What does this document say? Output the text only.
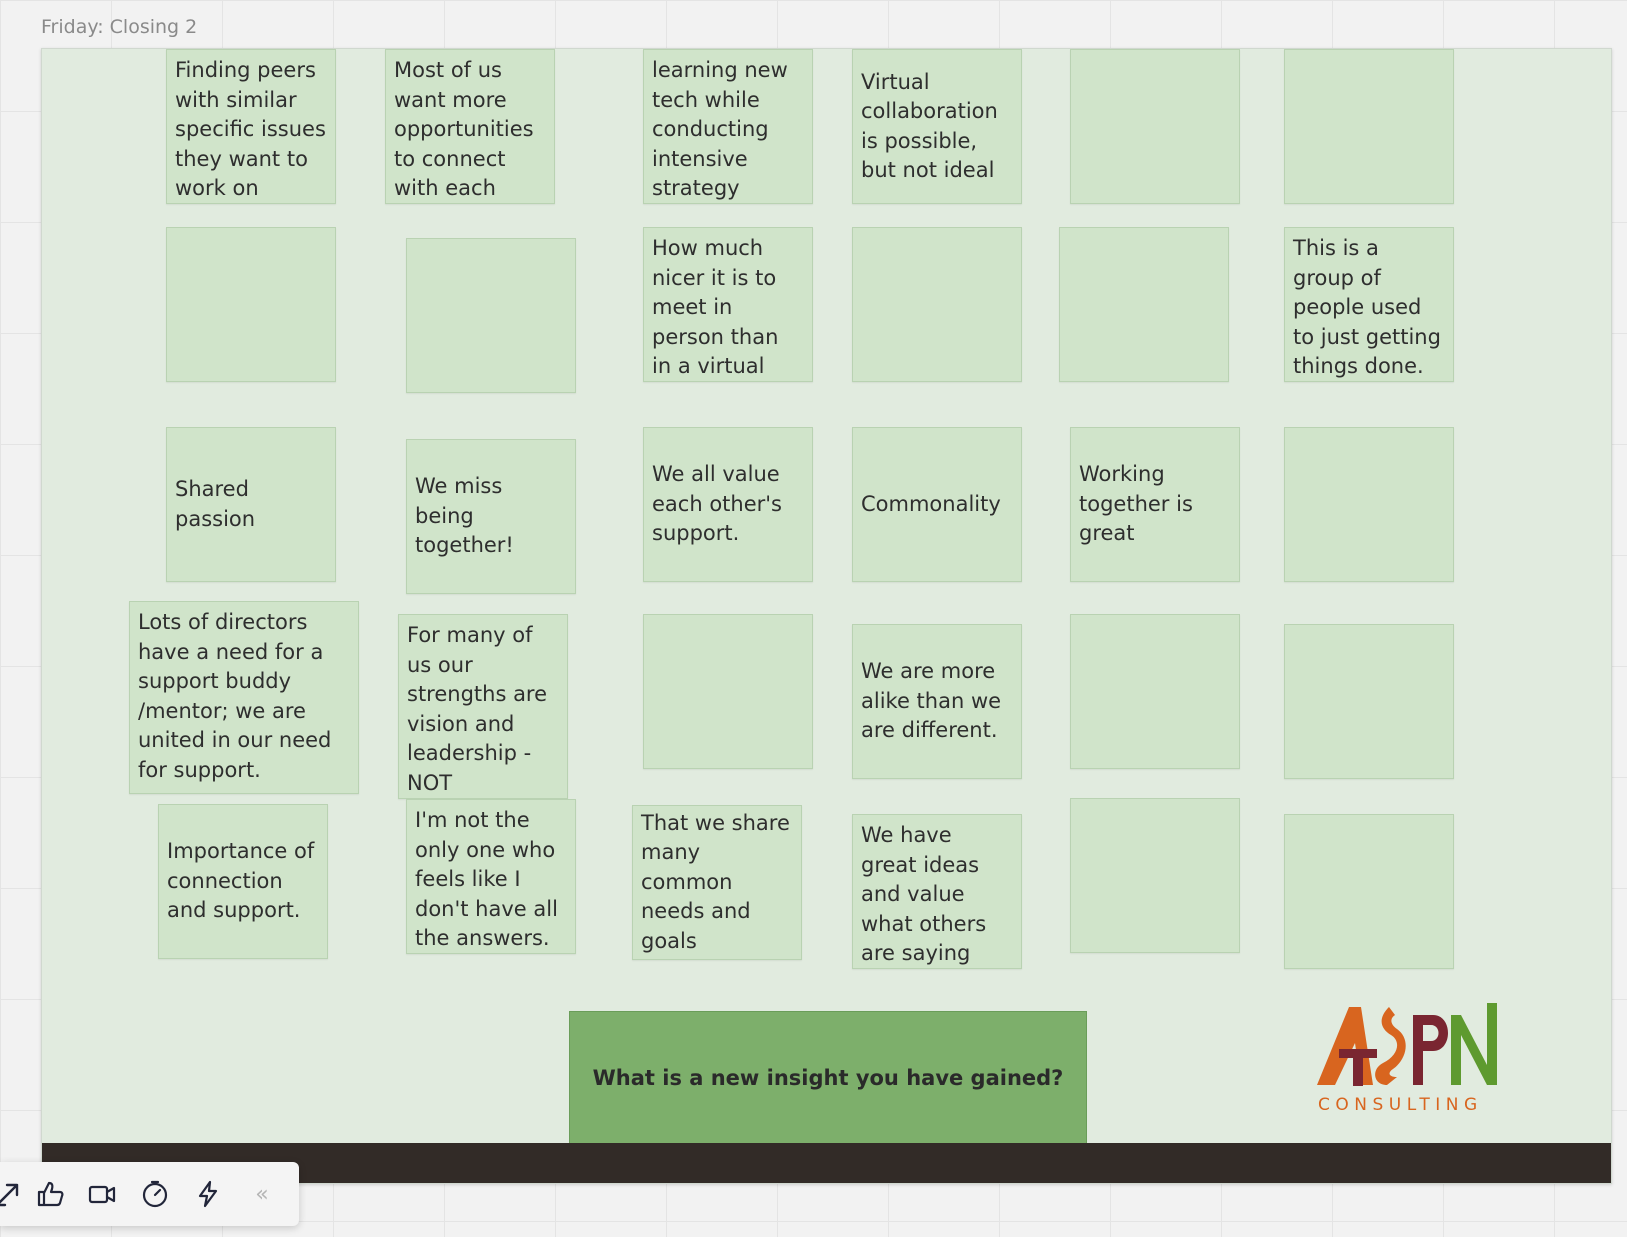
Friday: Closing 2
Finding peers with similar specific issues they want to work on
Most of us want more opportunities to connect with each
learning new tech while conducting intensive strategy
Virtual collaboration is possible, but not ideal
How much nicer it is to meet in person than in a virtual
This is a group of people used to just getting things done.
Shared passion
We miss being together!
We all value each other's support.
Commonality
Working together is great
Lots of directors have a need for a support buddy /mentor; we are united in our need for support.
For many of us our strengths are vision and leadership - NOT
We are more alike than we are different.
Importance of connection and support.
I'm not the only one who feels like I don't have all the answers.
That we share many common needs and goals
We have great ideas and value what others are saying
What is a new insight you have gained?
CONSULTING
«
